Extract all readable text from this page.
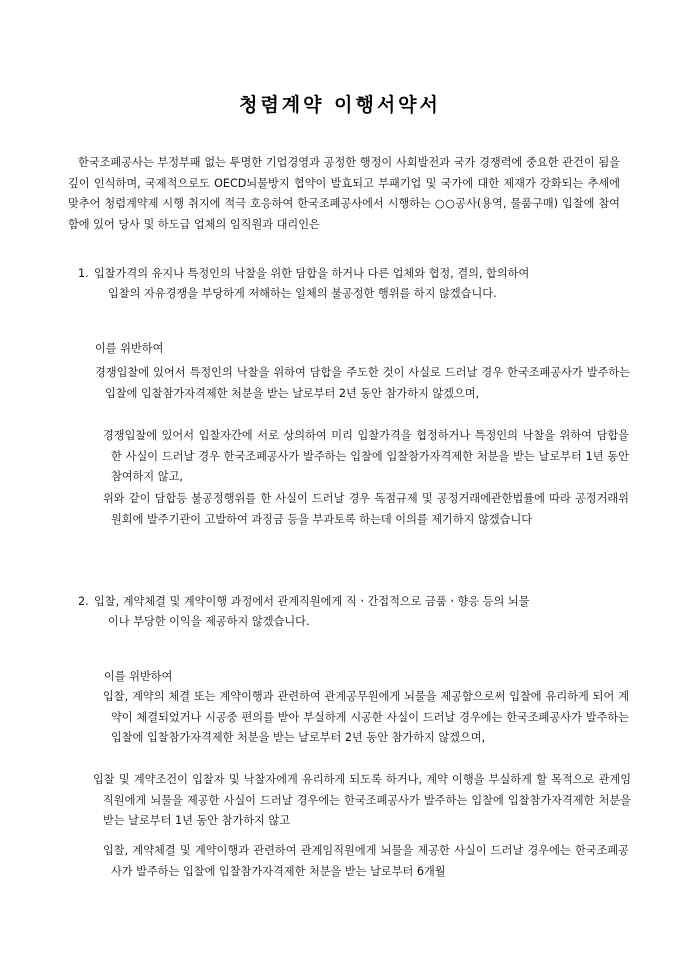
청렴계약 이행서약서
한국조폐공사는 부정부패 없는 투명한 기업경영과 공정한 행정이 사회발전과 국가 경쟁력에 중요한 관건이 됨을 깊이 인식하며, 국제적으로도 OECD뇌물방지 협약이 발효되고 부패기업 및 국가에 대한 제재가 강화되는 추세에 맞추어 청렴계약제 시행 취지에 적극 호응하여 한국조폐공사에서 시행하는 ○○공사(용역, 물품구매) 입찰에 참여함에 있어 당사 및 하도급 업체의 임직원과 대리인은
1. 입찰가격의 유지나 특정인의 낙찰을 위한 담합을 하거나 다른 업체와 협정, 결의, 합의하여
입찰의 자유경쟁을 부당하게 저해하는 일체의 불공정한 행위를 하지 않겠습니다.
이를 위반하여
경쟁입찰에 있어서 특정인의 낙찰을 위하여 담합을 주도한 것이 사실로 드러날 경우 한국조폐공사가 발주하는 입찰에 입찰참가자격제한 처분을 받는 날로부터 2년 동안 참가하지 않겠으며,
경쟁입찰에 있어서 입찰자간에 서로 상의하여 미리 입찰가격을 협정하거나 특정인의 낙찰을 위하여 담합을 한 사실이 드러날 경우 한국조폐공사가 발주하는 입찰에 입찰참가자격제한 처분을 받는 날로부터 1년 동안 참여하지 않고,
위와 같이 담합등 불공정행위를 한 사실이 드러날 경우 독점규제 및 공정거래에관한법률에 따라 공정거래위원회에 발주기관이 고발하여 과징금 등을 부과토록 하는데 이의를 제기하지 않겠습니다
2. 입찰, 계약체결 및 계약이행 과정에서 관계직원에게 직ㆍ간접적으로 금품ㆍ향응 등의 뇌물
이나 부당한 이익을 제공하지 않겠습니다.
이를 위반하여
입찰, 계약의 체결 또는 계약이행과 관련하여 관계공무원에게 뇌물을 제공함으로써 입찰에 유리하게 되어 계약이 체결되었거나 시공중 편의를 받아 부실하게 시공한 사실이 드러날 경우에는 한국조폐공사가 발주하는 입찰에 입찰참가자격제한 처분을 받는 날로부터 2년 동안 참가하지 않겠으며,
입찰 및 계약조건이 입찰자 및 낙찰자에게 유리하게 되도록 하거나, 계약 이행을 부실하게 할 목적으로 관계임직원에게 뇌물을 제공한 사실이 드러날 경우에는 한국조폐공사가 발주하는 입찰에 입찰참가자격제한 처분을 받는 날로부터 1년 동안 참가하지 않고
입찰, 계약체결 및 계약이행과 관련하여 관계임직원에게 뇌물을 제공한 사실이 드러날 경우에는 한국조폐공사가 발주하는 입찰에 입찰참가자격제한 처분을 받는 날로부터 6개월
